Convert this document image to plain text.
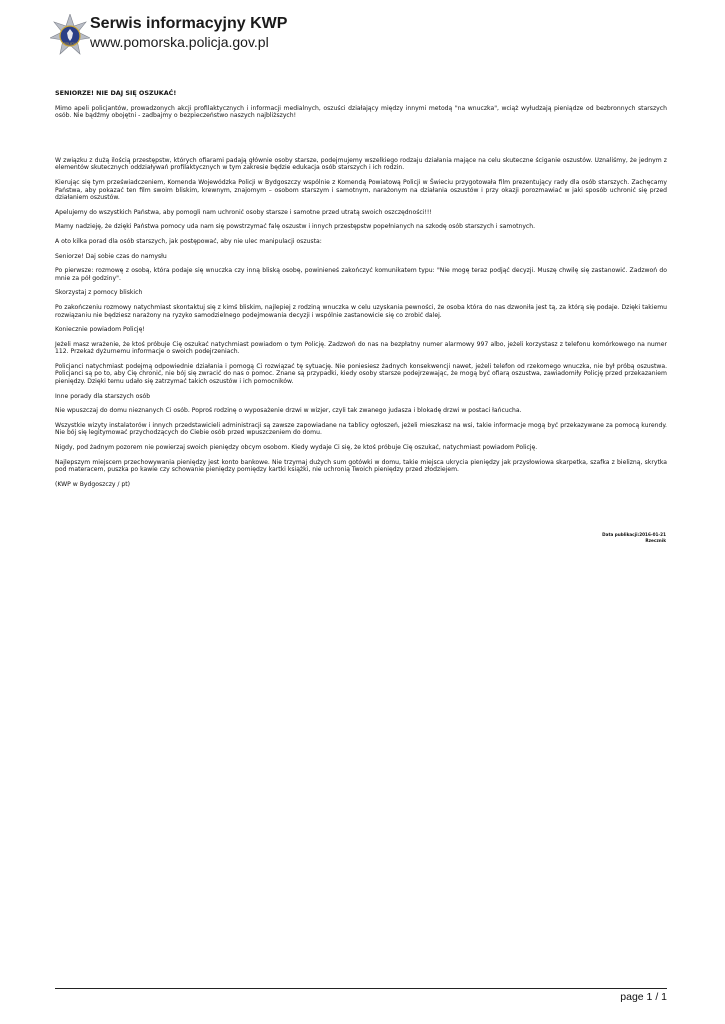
POLICJA
Serwis informacyjny KWP
www.pomorska.policja.gov.pl
SENIORZE! NIE DAJ SIĘ OSZUKAĆ!

Mimo apeli policjantów, prowadzonych akcji profilaktycznych i informacji medialnych, oszuści działający między innymi metodą "na wnuczka", wciąż wyłudzają pieniądze od bezbronnych starszych osób. Nie bądźmy obojętni - zadbajmy o bezpieczeństwo naszych najbliższych!

W związku z dużą ilością przestępstw, których ofiarami padają głównie osoby starsze, podejmujemy wszelkiego rodzaju działania mające na celu skuteczne ściganie oszustów. Uznaliśmy, że jednym z elementów skutecznych oddziaływań profilaktycznych w tym zakresie będzie edukacja osób starszych i ich rodzin.

Kierując się tym przeświadczeniem, Komenda Wojewódzka Policji w Bydgoszczy wspólnie z Komendą Powiatową Policji w Świeciu przygotowała film prezentujący rady dla osób starszych. Zachęcamy Państwa, aby pokazać ten film swoim bliskim, krewnym, znajomym – osobom starszym i samotnym, narażonym na działania oszustów i przy okazji porozmawiać w jaki sposób uchronić się przed działaniem oszustów.

Apelujemy do wszystkich Państwa, aby pomogli nam uchronić osoby starsze i samotne przed utratą swoich oszczędności!!!

Mamy nadzieję, że dzięki Państwa pomocy uda nam się powstrzymać falę oszustw i innych przestępstw popełnianych na szkodę osób starszych i samotnych.

A oto kilka porad dla osób starszych, jak postępować, aby nie ulec manipulacji oszusta:

Seniorze! Daj sobie czas do namysłu

Po pierwsze: rozmowę z osobą, która podaje się wnuczka czy inną bliską osobę, powinieneś zakończyć komunikatem typu: "Nie mogę teraz podjąć decyzji. Muszę chwilę się zastanowić. Zadzwoń do mnie za pół godziny".

Skorzystaj z pomocy bliskich

Po zakończeniu rozmowy natychmiast skontaktuj się z kimś bliskim, najlepiej z rodziną wnuczka w celu uzyskania pewności, że osoba która do nas dzwoniła jest tą, za którą się podaje. Dzięki takiemu rozwiązaniu nie będziesz narażony na ryzyko samodzielnego podejmowania decyzji i wspólnie zastanowicie się co zrobić dalej.

Koniecznie powiadom Policję!

Jeżeli masz wrażenie, że ktoś próbuje Cię oszukać natychmiast powiadom o tym Policję. Zadzwoń do nas na bezpłatny numer alarmowy 997 albo, jeżeli korzystasz z telefonu komórkowego na numer 112. Przekaż dyżurnemu informacje o swoich podejrzeniach.

Policjanci natychmiast podejmą odpowiednie działania i pomogą Ci rozwiązać tę sytuację. Nie poniesiesz żadnych konsekwencji nawet, jeżeli telefon od rzekomego wnuczka, nie był próbą oszustwa. Policjanci są po to, aby Cię chronić, nie bój się zwracić do nas o pomoc. Znane są przypadki, kiedy osoby starsze podejrzewając, że mogą być ofiarą oszustwa, zawiadomiły Policję przed przekazaniem pieniędzy. Dzięki temu udało się zatrzymać takich oszustów i ich pomocników.

Inne porady dla starszych osób

Nie wpuszczaj do domu nieznanych Ci osób. Poproś rodzinę o wyposażenie drzwi w wizjer, czyli tak zwanego judasza i blokadę drzwi w postaci łańcucha.

Wszystkie wizyty instalatorów i innych przedstawicieli administracji są zawsze zapowiadane na tablicy ogłoszeń, jeżeli mieszkasz na wsi, takie informacje mogą być przekazywane za pomocą kurendy. Nie bój się legitymować przychodzących do Ciebie osób przed wpuszczeniem do domu.

Nigdy, pod żadnym pozorem nie powierzaj swoich pieniędzy obcym osobom. Kiedy wydaje Ci się, że ktoś próbuje Cię oszukać, natychmiast powiadom Policję.

Najlepszym miejscem przechowywania pieniędzy jest konto bankowe. Nie trzymaj dużych sum gotówki w domu, takie miejsca ukrycia pieniędzy jak przysłowiowa skarpetka, szafka z bielizną, skrytka pod materacem, puszka po kawie czy schowanie pieniędzy pomiędzy kartki książki, nie uchronią Twoich pieniędzy przed złodziejem.

(KWP w Bydgoszczy / pt)

Data publikacji:2016-01-21
Rzecznik
page 1 / 1
